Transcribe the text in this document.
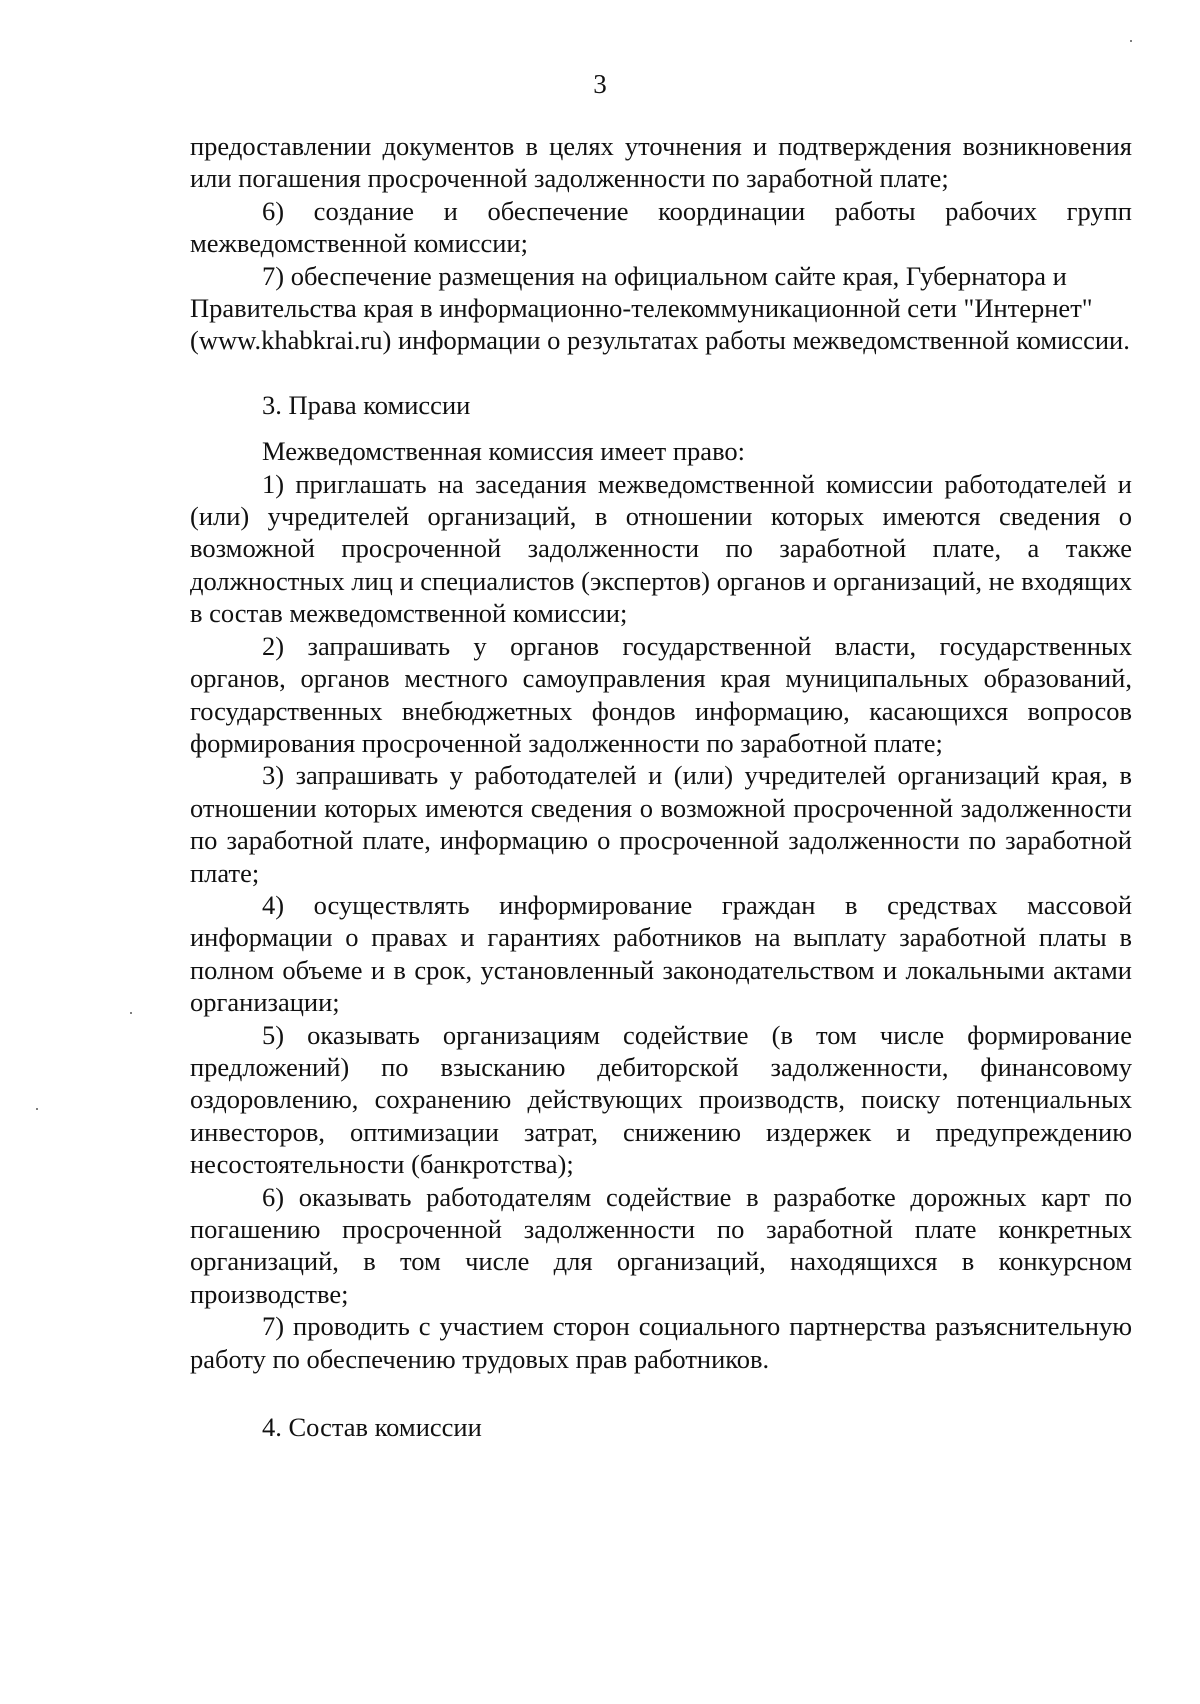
3

предоставлении документов в целях уточнения и подтверждения возникновения или погашения просроченной задолженности по заработной плате;

6) создание и обеспечение координации работы рабочих групп межведомственной комиссии;

7) обеспечение размещения на официальном сайте края, Губернатора и Правительства края в информационно-телекоммуникационной сети "Интернет" (www.khabkrai.ru) информации о результатах работы межведомственной комиссии.

3. Права комиссии

Межведомственная комиссия имеет право:

1) приглашать на заседания межведомственной комиссии работодателей и (или) учредителей организаций, в отношении которых имеются сведения о возможной просроченной задолженности по заработной плате, а также должностных лиц и специалистов (экспертов) органов и организаций, не входящих в состав межведомственной комиссии;

2) запрашивать у органов государственной власти, государственных органов, органов местного самоуправления края муниципальных образований, государственных внебюджетных фондов информацию, касающихся вопросов формирования просроченной задолженности по заработной плате;

3) запрашивать у работодателей и (или) учредителей организаций края, в отношении которых имеются сведения о возможной просроченной задолженности по заработной плате, информацию о просроченной задолженности по заработной плате;

4) осуществлять информирование граждан в средствах массовой информации о правах и гарантиях работников на выплату заработной платы в полном объеме и в срок, установленный законодательством и локальными актами организации;

5) оказывать организациям содействие (в том числе формирование предложений) по взысканию дебиторской задолженности, финансовому оздоровлению, сохранению действующих производств, поиску потенциальных инвесторов, оптимизации затрат, снижению издержек и предупреждению несостоятельности (банкротства);

6) оказывать работодателям содействие в разработке дорожных карт по погашению просроченной задолженности по заработной плате конкретных организаций, в том числе для организаций, находящихся в конкурсном производстве;

7) проводить с участием сторон социального партнерства разъяснительную работу по обеспечению трудовых прав работников.

4. Состав комиссии
